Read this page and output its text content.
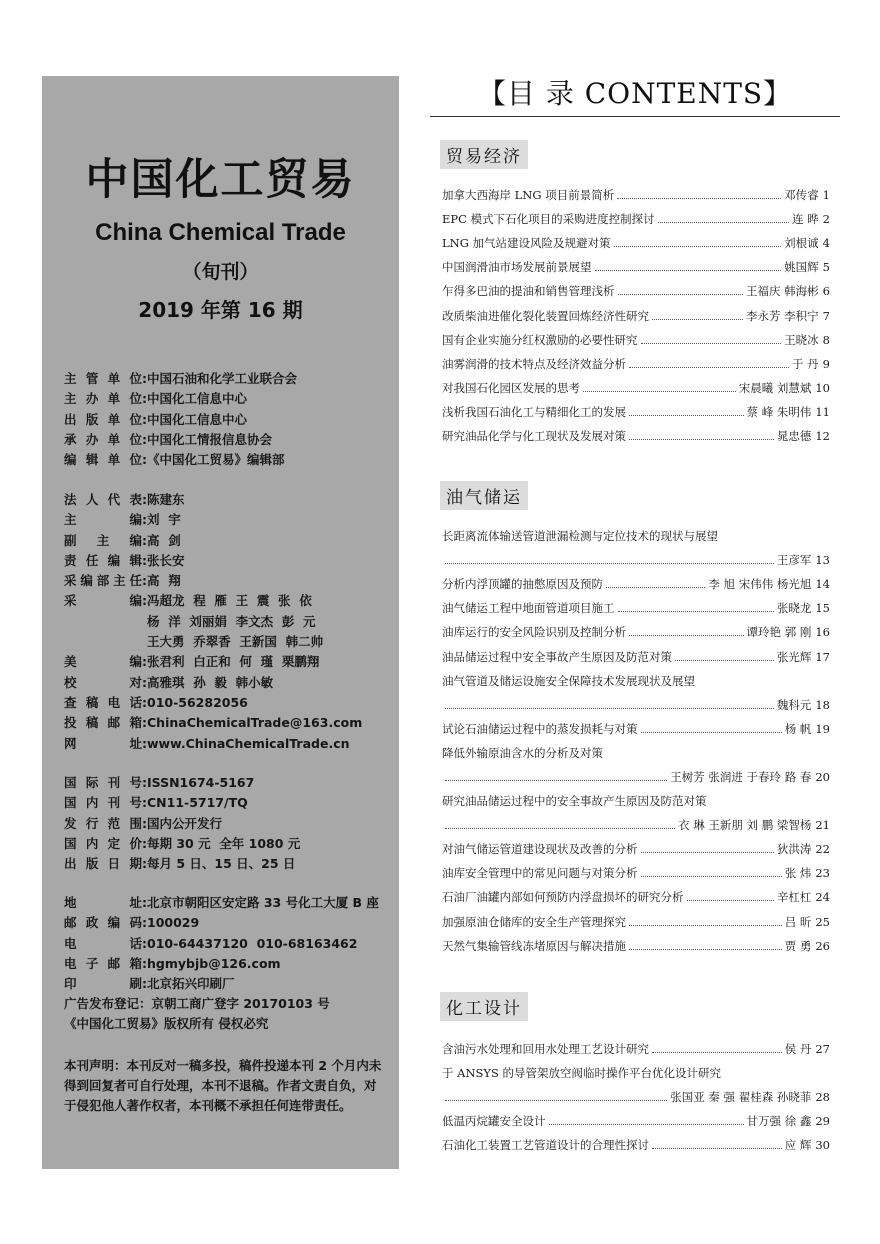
中国化工贸易
China Chemical Trade
（旬刊）
2019 年第 16 期
主管单位 : 中国石油和化学工业联合会
主办单位 : 中国化工信息中心
出版单位 : 中国化工信息中心
承办单位 : 中国化工情报信息协会
编辑单位 : 《中国化工贸易》编辑部
法人代表 : 陈建东
主编 : 刘  宇
副主编 : 高  剑
责任编辑 : 张长安
采编部主任 : 高  翔
采编 : 冯超龙  程  雁  王  震  张  依
杨  洋  刘丽娟  李文杰  彭  元
王大勇  乔翠香  王新国  韩二帅
美编 : 张君利  白正和  何  瑾  栗鹏翔
校对 : 高雅琪  孙  毅  韩小敏
查稿电话 : 010-56282056
投稿邮箱 : ChinaChemicalTrade@163.com
网址 : www.ChinaChemicalTrade.cn
国际刊号 : ISSN1674-5167
国内刊号 : CN11-5717/TQ
发行范围 : 国内公开发行
国内定价 : 每期 30 元  全年 1080 元
出版日期 : 每月 5 日、15 日、25 日
地址 : 北京市朝阳区安定路 33 号化工大厦 B 座
邮政编码 : 100029
电话 : 010-64437120  010-68163462
电子邮箱 : hgmybjb@126.com
印刷 : 北京拓兴印刷厂
广告发布登记：京朝工商广登字 20170103 号
《中国化工贸易》版权所有 侵权必究
本刊声明：本刊反对一稿多投，稿件投递本刊 2 个月内未得到回复者可自行处理，本刊不退稿。作者文责自负，对于侵犯他人著作权者，本刊概不承担任何连带责任。
【目 录 CONTENTS】
贸易经济
加拿大西海岸 LNG 项目前景简析	邓传睿 1
EPC 模式下石化项目的采购进度控制探讨	连 晔 2
LNG 加气站建设风险及规避对策	刘根诚 4
中国润滑油市场发展前景展望	姚国辉 5
乍得多巴油的提油和销售管理浅析	王福庆 韩海彬 6
改质柴油进催化裂化装置回炼经济性研究	李永芳 李积宁 7
国有企业实施分红权激励的必要性研究	王晓冰 8
油雾润滑的技术特点及经济效益分析	于 丹 9
对我国石化园区发展的思考	宋晨曦 刘慧斌 10
浅析我国石油化工与精细化工的发展	蔡 峰 朱明伟 11
研究油品化学与化工现状及发展对策	晁忠德 12
油气储运
长距离流体输送管道泄漏检测与定位技术的现状与展望
王彦军 13
分析内浮顶罐的抽憋原因及预防	李 旭 宋伟伟 杨光旭 14
油气储运工程中地面管道项目施工	张晓龙 15
油库运行的安全风险识别及控制分析	谭玲艳 郭 刚 16
油品储运过程中安全事故产生原因及防范对策	张光辉 17
油气管道及储运设施安全保障技术发展现状及展望
魏科元 18
试论石油储运过程中的蒸发损耗与对策	杨 帆 19
降低外输原油含水的分析及对策
王树芳 张润进 于春玲 路 春 20
研究油品储运过程中的安全事故产生原因及防范对策
衣 琳 王新朋 刘 鹏 梁智杨 21
对油气储运管道建设现状及改善的分析	狄洪涛 22
油库安全管理中的常见问题与对策分析	张 炜 23
石油厂油罐内部如何预防内浮盘损坏的研究分析	辛杠杠 24
加强原油仓储库的安全生产管理探究	吕 昕 25
天然气集输管线冻堵原因与解决措施	贾 勇 26
化工设计
含油污水处理和回用水处理工艺设计研究	侯 丹 27
于 ANSYS 的导管架放空阀临时操作平台优化设计研究
张国亚 秦 强 翟桂森 孙晓菲 28
低温丙烷罐安全设计	甘万强 徐 鑫 29
石油化工装置工艺管道设计的合理性探讨	应 辉 30
